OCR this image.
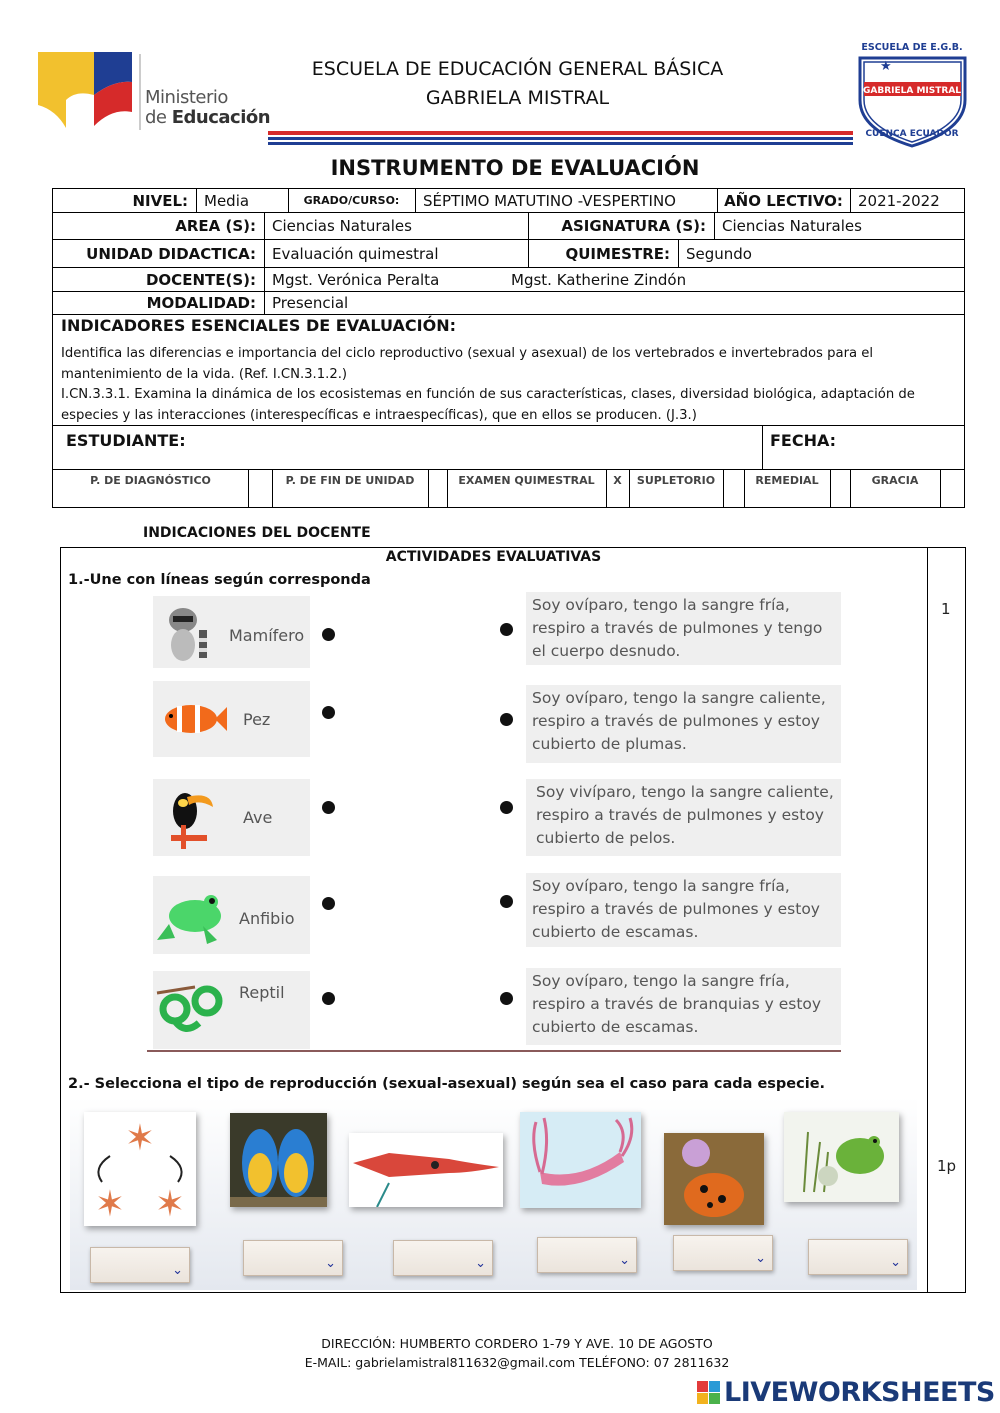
Ministerio
de Educación
ESCUELA DE EDUCACIÓN GENERAL BÁSICA
GABRIELA MISTRAL
★
GABRIELA MISTRAL
ESCUELA DE E.G.B.
CUENCA ECUADOR
INSTRUMENTO DE EVALUACIÓN
NIVEL:	Media	GRADO/CURSO:	SÉPTIMO MATUTINO -VESPERTINO	AÑO LECTIVO:	2021-2022
AREA (S):	Ciencias Naturales	ASIGNATURA (S):	Ciencias Naturales
UNIDAD DIDACTICA:	Evaluación quimestral	QUIMESTRE:	Segundo
DOCENTE(S):	Mgst. Verónica Peralta	Mgst. Katherine Zindón
MODALIDAD:	Presencial
INDICADORES ESENCIALES DE EVALUACIÓN:
Identifica las diferencias e importancia del ciclo reproductivo (sexual y asexual) de los vertebrados e invertebrados para el mantenimiento de la vida. (Ref. I.CN.3.1.2.)
I.CN.3.3.1. Examina la dinámica de los ecosistemas en función de sus características, clases, diversidad biológica, adaptación de especies y las interacciones (interespecíficas e intraespecíficas), que en ellos se producen. (J.3.)
ESTUDIANTE:	FECHA:
P. DE DIAGNÓSTICO	P. DE FIN DE UNIDAD	EXAMEN QUIMESTRAL	X	SUPLETORIO	REMEDIAL	GRACIA
INDICACIONES DEL DOCENTE
ACTIVIDADES EVALUATIVAS
1.-Une con líneas según corresponda
1
Mamífero
Pez
Ave
Anfibio
Reptil
Soy ovíparo, tengo la sangre fría, respiro a través de pulmones y tengo el cuerpo desnudo.
Soy ovíparo, tengo la sangre caliente, respiro a través de pulmones y estoy cubierto de plumas.
Soy vivíparo, tengo la sangre caliente, respiro a través de pulmones y estoy cubierto de pelos.
Soy ovíparo, tengo la sangre fría, respiro a través de pulmones y estoy cubierto de escamas.
Soy ovíparo, tengo la sangre fría, respiro a través de branquias y estoy cubierto de escamas.
2.- Selecciona el tipo de reproducción (sexual-asexual) según sea el caso para cada especie.
1p
✶
✶ ✶
⌄	⌄	⌄	⌄	⌄	⌄
DIRECCIÓN: HUMBERTO CORDERO 1-79 Y AVE. 10 DE AGOSTO
E-MAIL: gabrielamistral811632@gmail.com TELÉFONO: 07 2811632
LIVEWORKSHEETS
